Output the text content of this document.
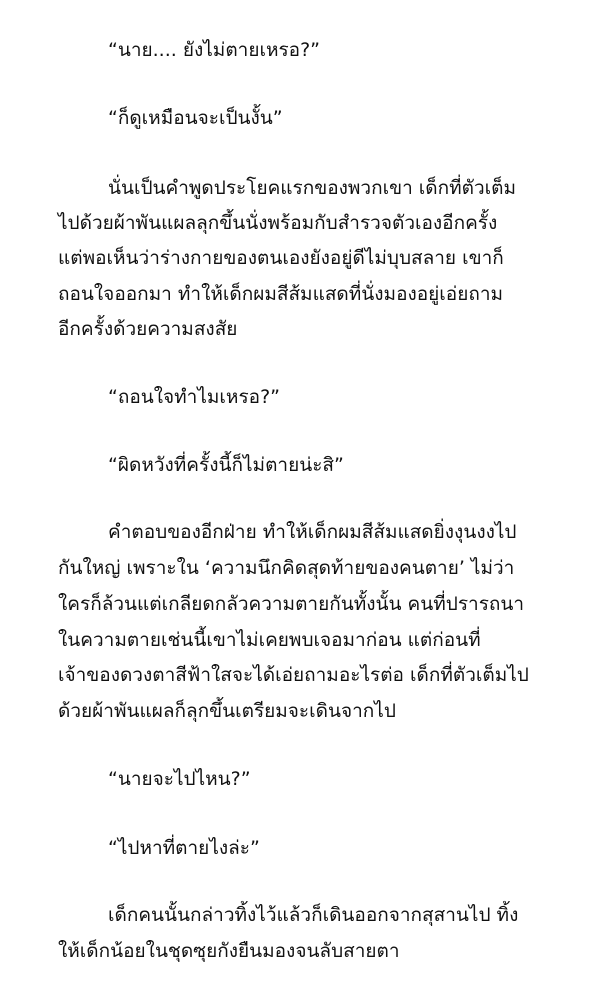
“นาย.... ยังไม่ตายเหรอ?”
“ก็ดูเหมือนจะเป็นงั้น”
นั่นเป็นคำพูดประโยคแรกของพวกเขา เด็กที่ตัวเต็ม
ไปด้วยผ้าพันแผลลุกขึ้นนั่งพร้อมกับสำรวจตัวเองอีกครั้ง
แต่พอเห็นว่าร่างกายของตนเองยังอยู่ดีไม่บุบสลาย เขาก็
ถอนใจออกมา ทำให้เด็กผมสีส้มแสดที่นั่งมองอยู่เอ่ยถาม
อีกครั้งด้วยความสงสัย
“ถอนใจทำไมเหรอ?”
“ผิดหวังที่ครั้งนี้ก็ไม่ตายน่ะสิ”
คำตอบของอีกฝ่าย ทำให้เด็กผมสีส้มแสดยิ่งงุนงงไป
กันใหญ่ เพราะใน ‘ความนึกคิดสุดท้ายของคนตาย’ ไม่ว่า
ใครก็ล้วนแต่เกลียดกลัวความตายกันทั้งนั้น คนที่ปรารถนา
ในความตายเช่นนี้เขาไม่เคยพบเจอมาก่อน แต่ก่อนที่
เจ้าของดวงตาสีฟ้าใสจะได้เอ่ยถามอะไรต่อ เด็กที่ตัวเต็มไป
ด้วยผ้าพันแผลก็ลุกขึ้นเตรียมจะเดินจากไป
“นายจะไปไหน?”
“ไปหาที่ตายไงล่ะ”
เด็กคนนั้นกล่าวทิ้งไว้แล้วก็เดินออกจากสุสานไป ทิ้ง
ให้เด็กน้อยในชุดซุยกังยืนมองจนลับสายตา
